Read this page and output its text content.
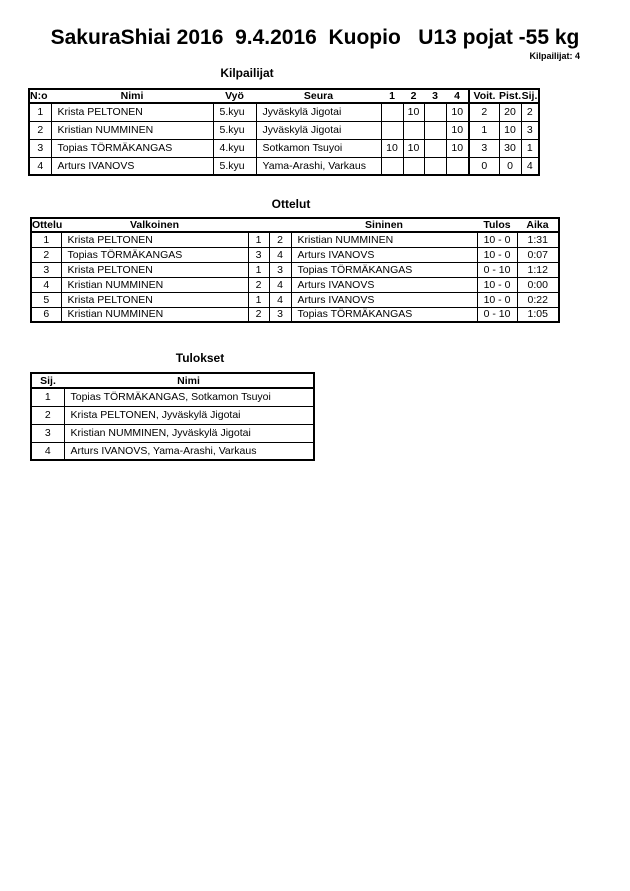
SakuraShiai 2016  9.4.2016  Kuopio   U13 pojat -55 kg
Kilpailijat: 4
Kilpailijat
N:o	Nimi	Vyö	Seura	1	2	3	4	Voit.	Pist.	Sij.
1	Krista PELTONEN	5.kyu	Jyväskylä Jigotai		10		10	2	20	2
2	Kristian NUMMINEN	5.kyu	Jyväskylä Jigotai				10	1	10	3
3	Topias TÖRMÄKANGAS	4.kyu	Sotkamon Tsuyoi	10	10		10	3	30	1
4	Arturs IVANOVS	5.kyu	Yama-Arashi, Varkaus					0	0	4
Ottelut
Ottelu	Valkoinen			Sininen	Tulos	Aika
1	Krista PELTONEN	1	2	Kristian NUMMINEN	10 - 0	1:31
2	Topias TÖRMÄKANGAS	3	4	Arturs IVANOVS	10 - 0	0:07
3	Krista PELTONEN	1	3	Topias TÖRMÄKANGAS	0 - 10	1:12
4	Kristian NUMMINEN	2	4	Arturs IVANOVS	10 - 0	0:00
5	Krista PELTONEN	1	4	Arturs IVANOVS	10 - 0	0:22
6	Kristian NUMMINEN	2	3	Topias TÖRMÄKANGAS	0 - 10	1:05
Tulokset
Sij.	Nimi
1	Topias TÖRMÄKANGAS, Sotkamon Tsuyoi
2	Krista PELTONEN, Jyväskylä Jigotai
3	Kristian NUMMINEN, Jyväskylä Jigotai
4	Arturs IVANOVS, Yama-Arashi, Varkaus
